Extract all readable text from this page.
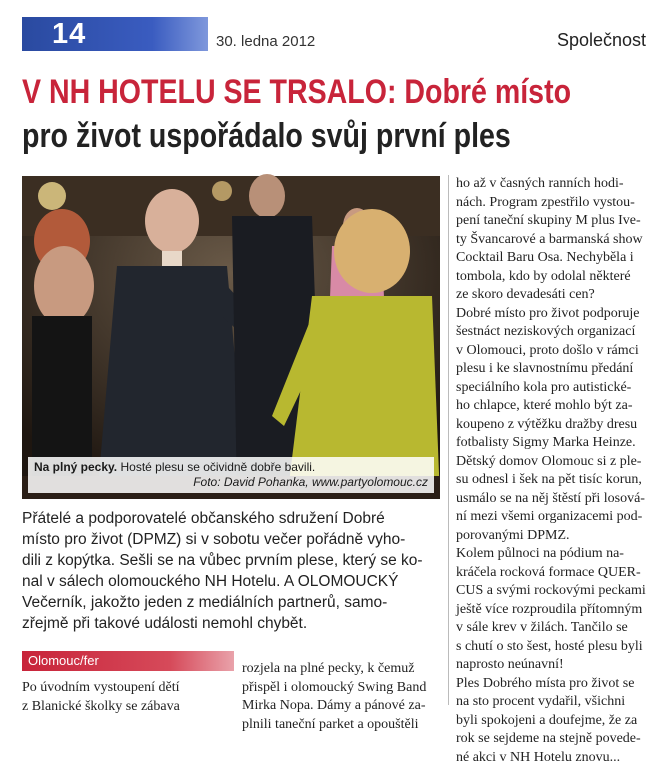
14	30. ledna 2012	Společnost
V NH HOTELU SE TRSALO: Dobré místo
pro život uspořádalo svůj první ples
Na plný pecky. Hosté plesu se očividně dobře bavili.
Foto: David Pohanka, www.partyolomouc.cz
Přátelé a podporovatelé občanského sdružení Dobré
místo pro život (DPMZ) si v sobotu večer pořádně vyho-
dili z kopýtka. Sešli se na vůbec prvním plese, který se ko-
nal v sálech olomouckého NH Hotelu. A OLOMOUCKÝ
Večerník, jakožto jeden z mediálních partnerů, samo-
zřejmě při takové události nemohl chybět.
Olomouc/fer
Po úvodním vystoupení dětí
z Blanické školky se zábava
rozjela na plné pecky, k čemuž
přispěl i olomoucký Swing Band
Mirka Nopa. Dámy a pánové za-
plnili taneční parket a opouštěli
ho až v časných ranních hodi-
nách. Program zpestřilo vystou-
pení taneční skupiny M plus Ive-
ty Švancarové a barmanská show
Cocktail Baru Osa. Nechyběla i
tombola, kdo by odolal některé
ze skoro devadesáti cen?
Dobré místo pro život podporuje
šestnáct neziskových organizací
v Olomouci, proto došlo v rámci
plesu i ke slavnostnímu předání
speciálního kola pro autistické-
ho chlapce, které mohlo být za-
koupeno z výtěžku dražby dresu
fotbalisty Sigmy Marka Heinze.
Dětský domov Olomouc si z ple-
su odnesl i šek na pět tisíc korun,
usmálo se na něj štěstí při losová-
ní mezi všemi organizacemi pod-
porovanými DPMZ.
Kolem půlnoci na pódium na-
kráčela rocková formace QUER-
CUS a svými rockovými peckami
ještě více rozproudila přítomným
v sále krev v žilách. Tančilo se
s chutí o sto šest, hosté plesu byli
naprosto neúnavní!
Ples Dobrého místa pro život se
na sto procent vydařil, všichni
byli spokojeni a doufejme, že za
rok se sejdeme na stejně povede-
né akci v NH Hotelu znovu...
